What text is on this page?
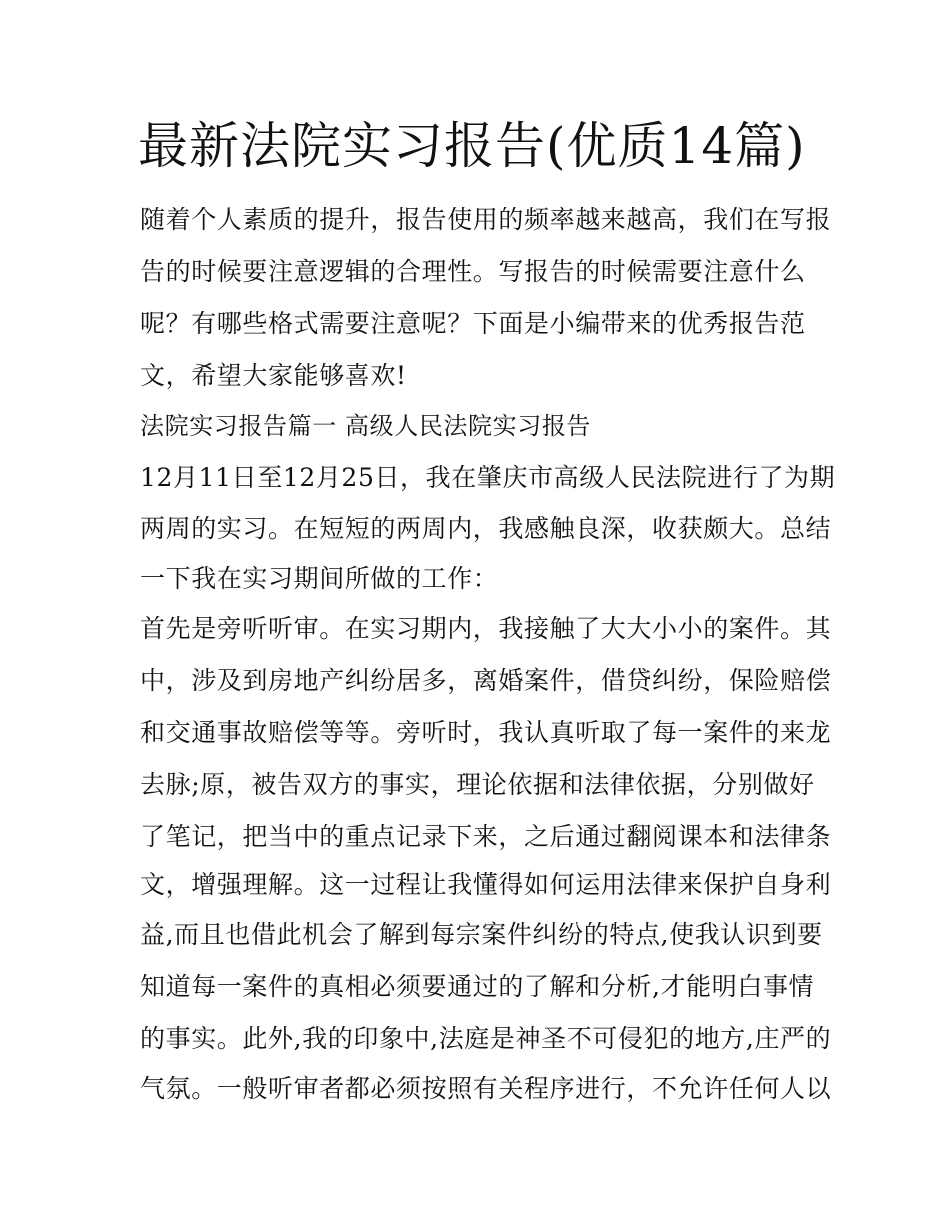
最新法院实习报告(优质14篇)

随着个人素质的提升，报告使用的频率越来越高，我们在写报

告的时候要注意逻辑的合理性。写报告的时候需要注意什么

呢？有哪些格式需要注意呢？下面是小编带来的优秀报告范

文，希望大家能够喜欢!

法院实习报告篇一 高级人民法院实习报告

12月11日至12月25日，我在肇庆市高级人民法院进行了为期

两周的实习。在短短的两周内，我感触良深，收获颇大。总结

一下我在实习期间所做的工作：

首先是旁听听审。在实习期内，我接触了大大小小的案件。其

中，涉及到房地产纠纷居多，离婚案件，借贷纠纷，保险赔偿

和交通事故赔偿等等。旁听时，我认真听取了每一案件的来龙

去脉;原，被告双方的事实，理论依据和法律依据，分别做好

了笔记，把当中的重点记录下来，之后通过翻阅课本和法律条

文，增强理解。这一过程让我懂得如何运用法律来保护自身利

益,而且也借此机会了解到每宗案件纠纷的特点,使我认识到要

知道每一案件的真相必须要通过的了解和分析,才能明白事情

的事实。此外,我的印象中,法庭是神圣不可侵犯的地方,庄严的

气氛。一般听审者都必须按照有关程序进行，不允许任何人以
